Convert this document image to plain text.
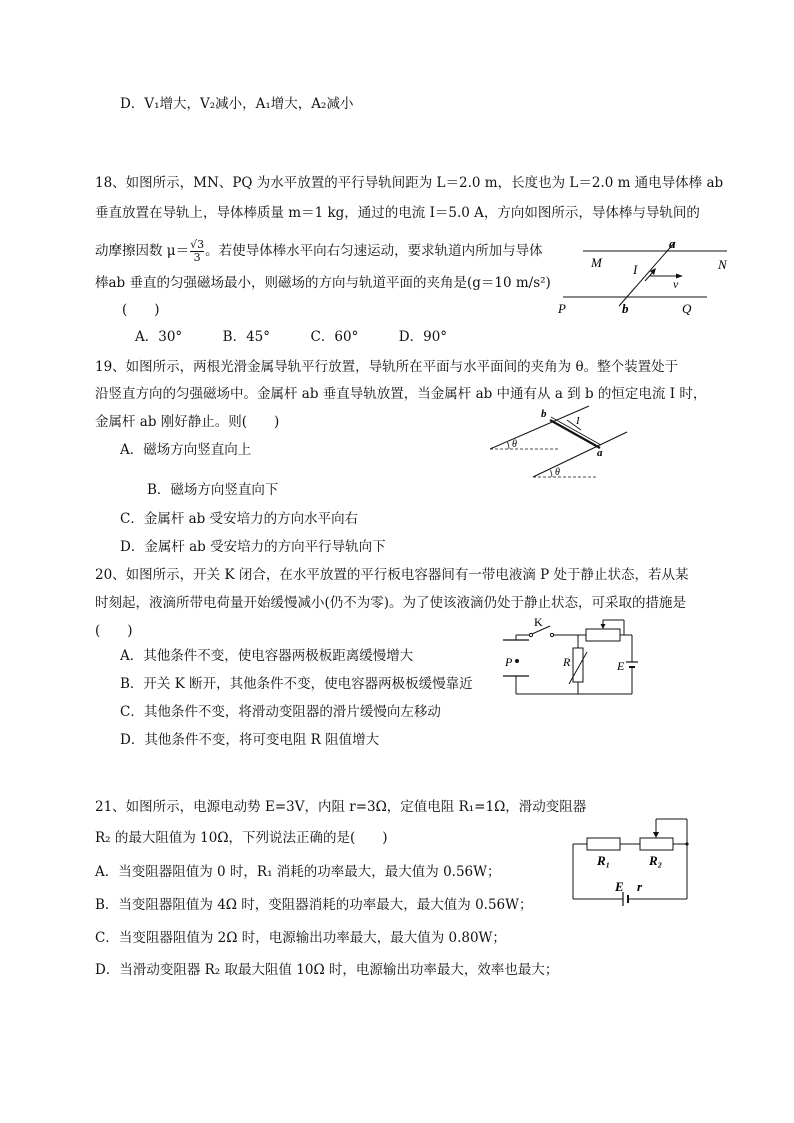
D．V₁增大，V₂减小，A₁增大，A₂减小
18、如图所示，MN、PQ 为水平放置的平行导轨间距为 L＝2.0 m，长度也为 L＝2.0 m 通电导体棒 ab
垂直放置在导轨上，导体棒质量 m＝1 kg，通过的电流 I＝5.0 A，方向如图所示，导体棒与导轨间的
动摩擦因数 $\mu= \frac{√3}{3}$ 。若使导体棒水平向右匀速运动，要求轨道内所加与导体
棒ab 垂直的匀强磁场最小，则磁场的方向与轨道平面的夹角是(g＝10 m/s²)
(　　)
A．30°　　　B．45°　　　C．60°　　　D．90°
M	N
P	Q
a
b
I
v
19、如图所示，两根光滑金属导轨平行放置，导轨所在平面与水平面间的夹角为 θ。整个装置处于
沿竖直方向的匀强磁场中。金属杆 ab 垂直导轨放置，当金属杆 ab 中通有从 a 到 b 的恒定电流 I 时，
金属杆 ab 刚好静止。则(　　)
A．磁场方向竖直向上
B．磁场方向竖直向下
C．金属杆 ab 受安培力的方向水平向右
D．金属杆 ab 受安培力的方向平行导轨向下
b
a
I
θ
θ
20、如图所示，开关 K 闭合，在水平放置的平行板电容器间有一带电液滴 P 处于静止状态，若从某
时刻起，液滴所带电荷量开始缓慢减小(仍不为零)。为了使该液滴仍处于静止状态，可采取的措施是
(　　)
A．其他条件不变，使电容器两极板距离缓慢增大
B．开关 K 断开，其他条件不变，使电容器两极板缓慢靠近
C．其他条件不变，将滑动变阻器的滑片缓慢向左移动
D．其他条件不变，将可变电阻 R 阻值增大
K
P	R	E
21、如图所示，电源电动势 E=3V，内阻 r=3Ω，定值电阻 R₁=1Ω，滑动变阻器
R₂ 的最大阻值为 10Ω，下列说法正确的是(　　)
A．当变阻器阻值为 0 时，R₁ 消耗的功率最大，最大值为 0.56W；
B．当变阻器阻值为 4Ω 时，变阻器消耗的功率最大，最大值为 0.56W；
C．当变阻器阻值为 2Ω 时，电源输出功率最大，最大值为 0.80W；
D．当滑动变阻器 R₂ 取最大阻值 10Ω 时，电源输出功率最大，效率也最大；
R₁	R₂
E r
